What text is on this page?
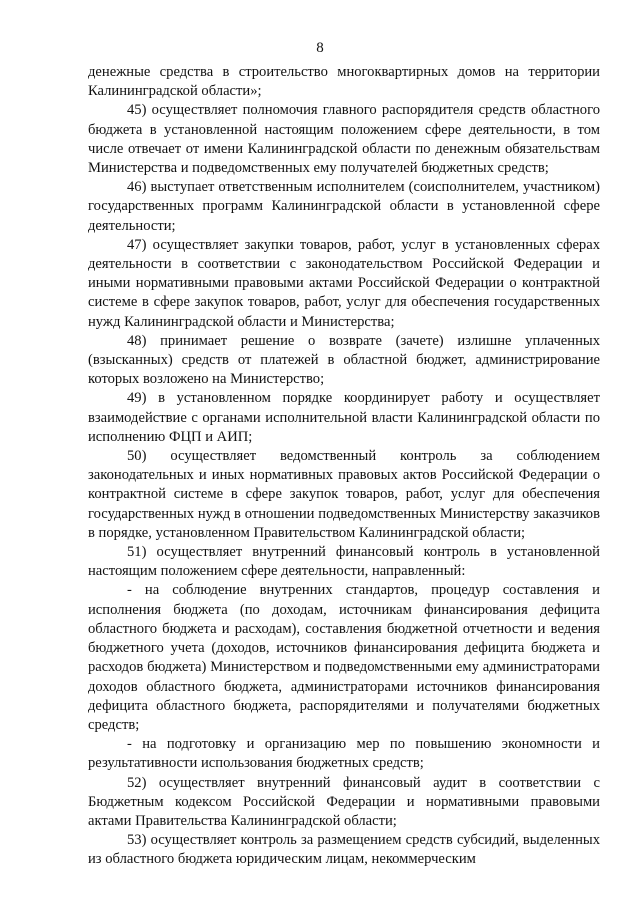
8

денежные средства в строительство многоквартирных домов на территории Калининградской области»;

45) осуществляет полномочия главного распорядителя средств областного бюджета в установленной настоящим положением сфере деятельности, в том числе отвечает от имени Калининградской области по денежным обязательствам Министерства и подведомственных ему получателей бюджетных средств;

46) выступает ответственным исполнителем (соисполнителем, участником) государственных программ Калининградской области в установленной сфере деятельности;

47) осуществляет закупки товаров, работ, услуг в установленных сферах деятельности в соответствии с законодательством Российской Федерации и иными нормативными правовыми актами Российской Федерации о контрактной системе в сфере закупок товаров, работ, услуг для обеспечения государственных нужд Калининградской области и Министерства;

48) принимает решение о возврате (зачете) излишне уплаченных (взысканных) средств от платежей в областной бюджет, администрирование которых возложено на Министерство;

49) в установленном порядке координирует работу и осуществляет взаимодействие с органами исполнительной власти Калининградской области по исполнению ФЦП и АИП;

50) осуществляет ведомственный контроль за соблюдением законодательных и иных нормативных правовых актов Российской Федерации о контрактной системе в сфере закупок товаров, работ, услуг для обеспечения государственных нужд в отношении подведомственных Министерству заказчиков в порядке, установленном Правительством Калининградской области;

51) осуществляет внутренний финансовый контроль в установленной настоящим положением сфере деятельности, направленный:

- на соблюдение внутренних стандартов, процедур составления и исполнения бюджета (по доходам, источникам финансирования дефицита областного бюджета и расходам), составления бюджетной отчетности и ведения бюджетного учета (доходов, источников финансирования дефицита бюджета и расходов бюджета) Министерством и подведомственными ему администраторами доходов областного бюджета, администраторами источников финансирования дефицита областного бюджета, распорядителями и получателями бюджетных средств;

- на подготовку и организацию мер по повышению экономности и результативности использования бюджетных средств;

52) осуществляет внутренний финансовый аудит в соответствии с Бюджетным кодексом Российской Федерации и нормативными правовыми актами Правительства Калининградской области;

53) осуществляет контроль за размещением средств субсидий, выделенных из областного бюджета юридическим лицам, некоммерческим
